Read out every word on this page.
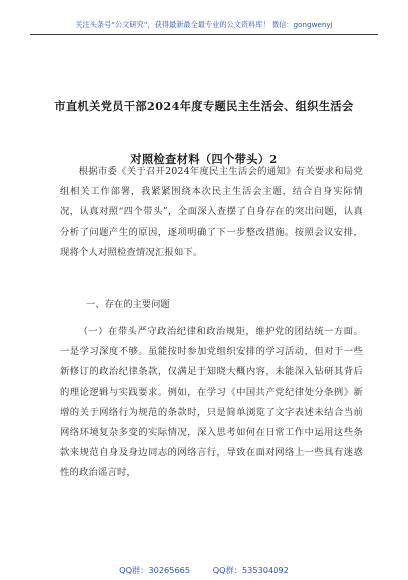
关注头条号“公文研究”，获得最新最全最专业的公文资料库！ 微信：gongwenyj
市直机关党员干部2024年度专题民主生活会、组织生活会
对照检查材料（四个带头）2

根据市委《关于召开2024年度民主生活会的通知》有关要求和局党组相关工作部署，我紧紧围绕本次民主生活会主题，结合自身实际情况，认真对照“四个带头”，全面深入查摆了自身存在的突出问题，认真分析了问题产生的原因，逐项明确了下一步整改措施。按照会议安排，现将个人对照检查情况汇报如下。

一、存在的主要问题

（一）在带头严守政治纪律和政治规矩，维护党的团结统一方面。一是学习深度不够。虽能按时参加党组织安排的学习活动，但对于一些新修订的政治纪律条款，仅满足于知晓大概内容，未能深入钻研其背后的理论逻辑与实践要求。例如，在学习《中国共产党纪律处分条例》新增的关于网络行为规范的条款时，只是简单浏览了文字表述未结合当前网络环境复杂多变的实际情况，深入思考如何在日常工作中运用这些条款来规范自身及身边同志的网络言行，导致在面对网络上一些具有迷惑性的政治谣言时，

QQ群：30265665	QQ群：535304092
